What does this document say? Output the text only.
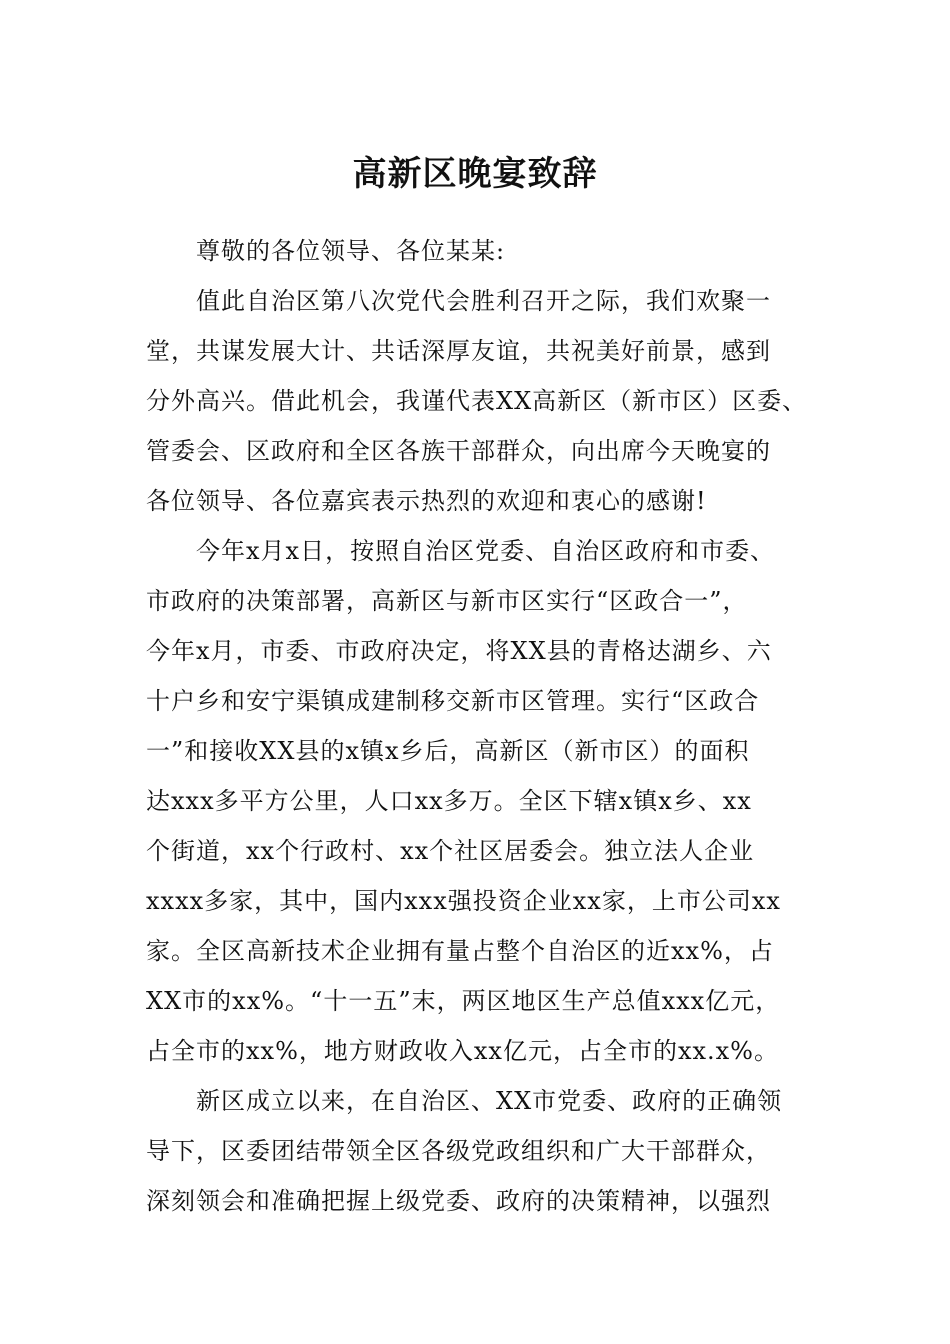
高新区晚宴致辞
尊敬的各位领导、各位某某:
值此自治区第八次党代会胜利召开之际，我们欢聚一
堂，共谋发展大计、共话深厚友谊，共祝美好前景，感到
分外高兴。借此机会，我谨代表XX高新区（新市区）区委、
管委会、区政府和全区各族干部群众，向出席今天晚宴的
各位领导、各位嘉宾表示热烈的欢迎和衷心的感谢!
今年x月x日，按照自治区党委、自治区政府和市委、
市政府的决策部署，高新区与新市区实行“区政合一”，
今年x月，市委、市政府决定，将XX县的青格达湖乡、六
十户乡和安宁渠镇成建制移交新市区管理。实行“区政合
一”和接收XX县的x镇x乡后，高新区（新市区）的面积
达xxx多平方公里，人口xx多万。全区下辖x镇x乡、xx
个街道，xx个行政村、xx个社区居委会。独立法人企业
xxxx多家，其中，国内xxx强投资企业xx家，上市公司xx
家。全区高新技术企业拥有量占整个自治区的近xx%，占
XX市的xx%。“十一五”末，两区地区生产总值xxx亿元，
占全市的xx%，地方财政收入xx亿元，占全市的xx.x%。
新区成立以来，在自治区、XX市党委、政府的正确领
导下，区委团结带领全区各级党政组织和广大干部群众，
深刻领会和准确把握上级党委、政府的决策精神，以强烈
